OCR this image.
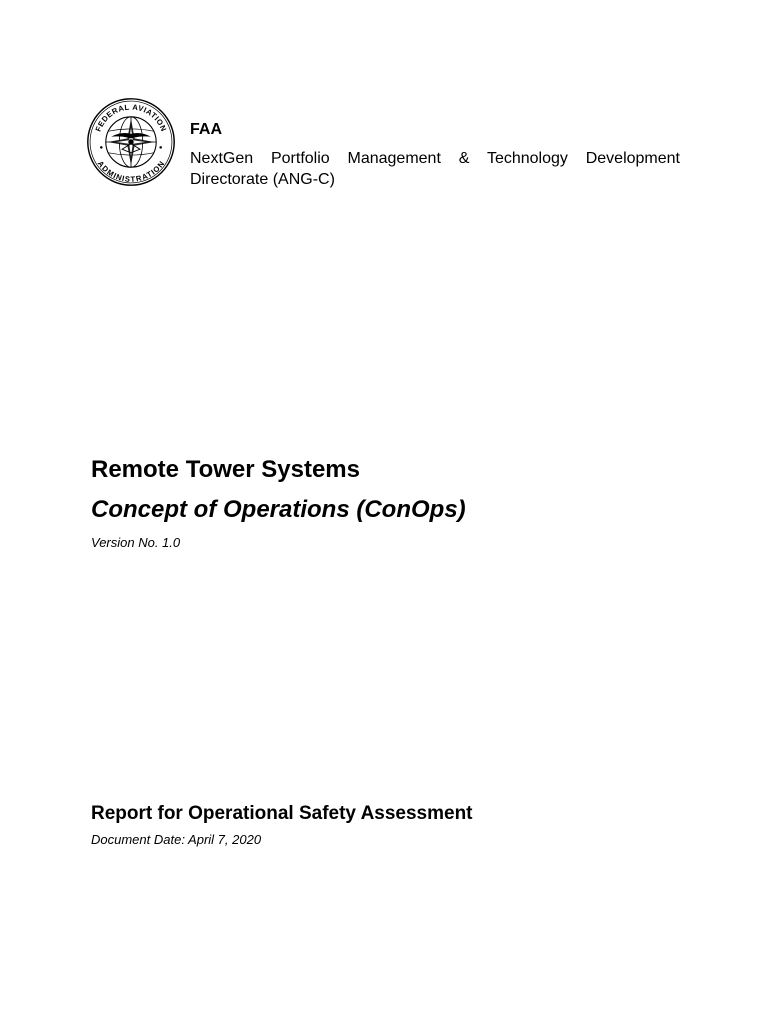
FEDERAL AVIATION
ADMINISTRATION

FAA

NextGen Portfolio Management & Technology Development Directorate (ANG-C)

Remote Tower Systems
Concept of Operations (ConOps)

Version No. 1.0

Report for Operational Safety Assessment

Document Date: April 7, 2020
